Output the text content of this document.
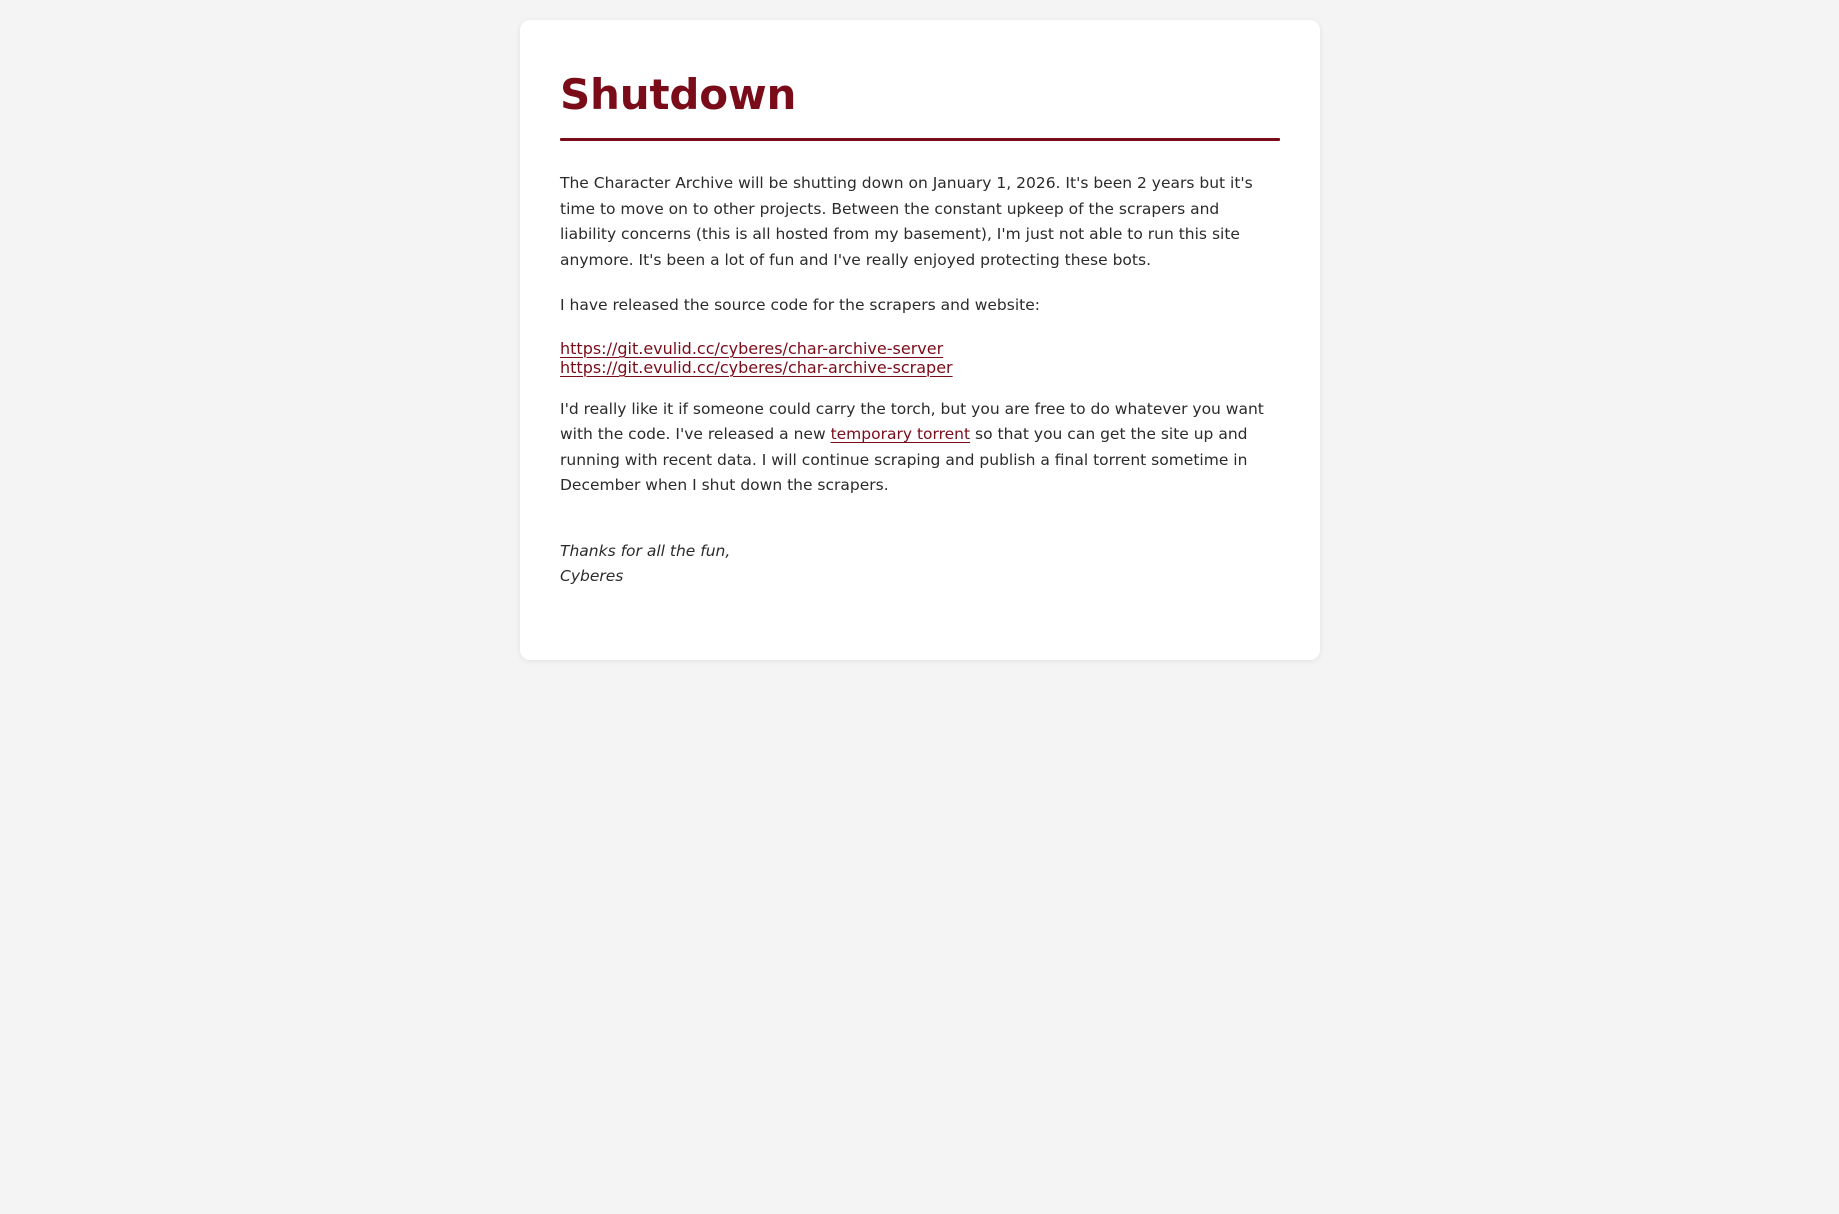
Shutdown

The Character Archive will be shutting down on January 1, 2026. It's been 2 years but it's time to move on to other projects. Between the constant upkeep of the scrapers and liability concerns (this is all hosted from my basement), I'm just not able to run this site anymore. It's been a lot of fun and I've really enjoyed protecting these bots.

I have released the source code for the scrapers and website:

https://git.evulid.cc/cyberes/char-archive-server
https://git.evulid.cc/cyberes/char-archive-scraper

I'd really like it if someone could carry the torch, but you are free to do whatever you want with the code. I've released a new temporary torrent so that you can get the site up and running with recent data. I will continue scraping and publish a final torrent sometime in December when I shut down the scrapers.

Thanks for all the fun,
Cyberes
